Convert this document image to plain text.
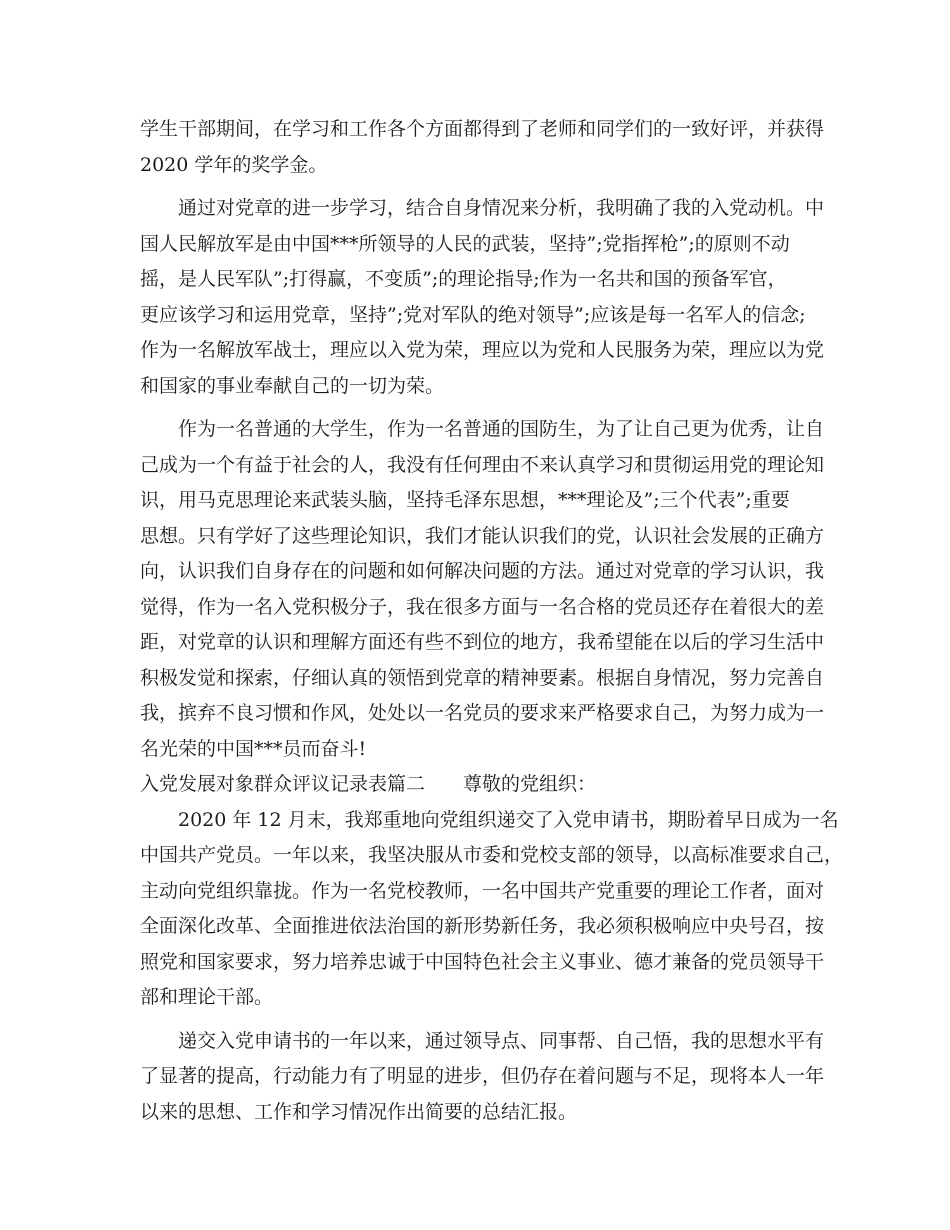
学生干部期间，在学习和工作各个方面都得到了老师和同学们的一致好评，并获得
2020 学年的奖学金。
通过对党章的进一步学习，结合自身情况来分析，我明确了我的入党动机。中
国人民解放军是由中国***所领导的人民的武装，坚持”;党指挥枪”;的原则不动
摇，是人民军队”;打得赢，不变质”;的理论指导;作为一名共和国的预备军官，
更应该学习和运用党章，坚持”;党对军队的绝对领导”;应该是每一名军人的信念;
作为一名解放军战士，理应以入党为荣，理应以为党和人民服务为荣，理应以为党
和国家的事业奉献自己的一切为荣。
作为一名普通的大学生，作为一名普通的国防生，为了让自己更为优秀，让自
己成为一个有益于社会的人，我没有任何理由不来认真学习和贯彻运用党的理论知
识，用马克思理论来武装头脑，坚持毛泽东思想，***理论及”;三个代表”;重要
思想。只有学好了这些理论知识，我们才能认识我们的党，认识社会发展的正确方
向，认识我们自身存在的问题和如何解决问题的方法。通过对党章的学习认识，我
觉得，作为一名入党积极分子，我在很多方面与一名合格的党员还存在着很大的差
距，对党章的认识和理解方面还有些不到位的地方，我希望能在以后的学习生活中
积极发觉和探索，仔细认真的领悟到党章的精神要素。根据自身情况，努力完善自
我，摈弃不良习惯和作风，处处以一名党员的要求来严格要求自己，为努力成为一
名光荣的中国***员而奋斗!
入党发展对象群众评议记录表篇二　　尊敬的党组织：
2020 年 12 月末，我郑重地向党组织递交了入党申请书，期盼着早日成为一名
中国共产党员。一年以来，我坚决服从市委和党校支部的领导，以高标准要求自己，
主动向党组织靠拢。作为一名党校教师，一名中国共产党重要的理论工作者，面对
全面深化改革、全面推进依法治国的新形势新任务，我必须积极响应中央号召，按
照党和国家要求，努力培养忠诚于中国特色社会主义事业、德才兼备的党员领导干
部和理论干部。
递交入党申请书的一年以来，通过领导点、同事帮、自己悟，我的思想水平有
了显著的提高，行动能力有了明显的进步，但仍存在着问题与不足，现将本人一年
以来的思想、工作和学习情况作出简要的总结汇报。
